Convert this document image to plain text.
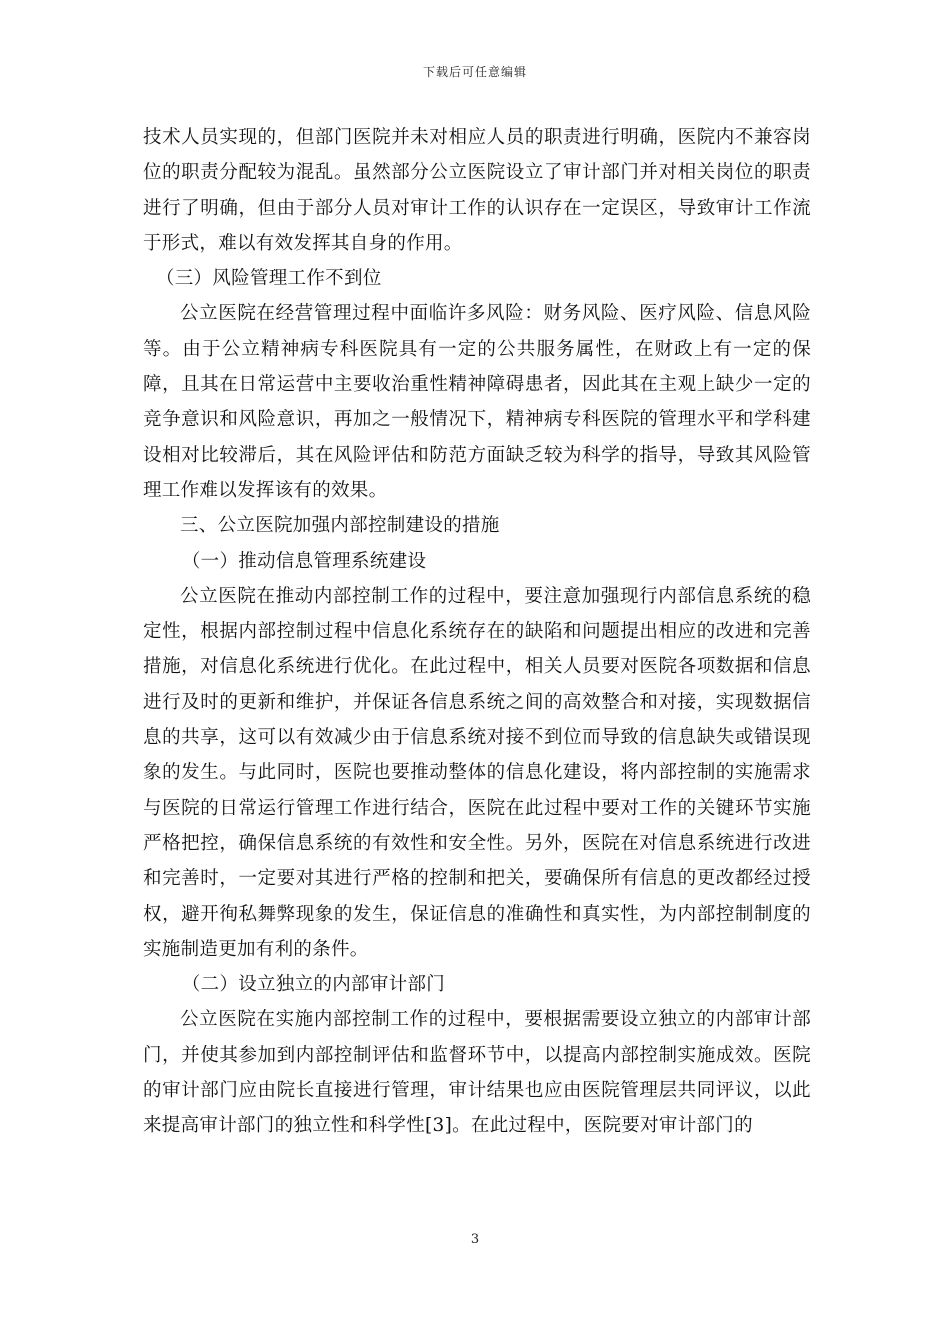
下载后可任意编辑

技术人员实现的，但部门医院并未对相应人员的职责进行明确，医院内不兼容岗位的职责分配较为混乱。虽然部分公立医院设立了审计部门并对相关岗位的职责进行了明确，但由于部分人员对审计工作的认识存在一定误区，导致审计工作流于形式，难以有效发挥其自身的作用。

（三）风险管理工作不到位

公立医院在经营管理过程中面临许多风险：财务风险、医疗风险、信息风险等。由于公立精神病专科医院具有一定的公共服务属性，在财政上有一定的保障，且其在日常运营中主要收治重性精神障碍患者，因此其在主观上缺少一定的竞争意识和风险意识，再加之一般情况下，精神病专科医院的管理水平和学科建设相对比较滞后，其在风险评估和防范方面缺乏较为科学的指导，导致其风险管理工作难以发挥该有的效果。

三、公立医院加强内部控制建设的措施

（一）推动信息管理系统建设

公立医院在推动内部控制工作的过程中，要注意加强现行内部信息系统的稳定性，根据内部控制过程中信息化系统存在的缺陷和问题提出相应的改进和完善措施，对信息化系统进行优化。在此过程中，相关人员要对医院各项数据和信息进行及时的更新和维护，并保证各信息系统之间的高效整合和对接，实现数据信息的共享，这可以有效减少由于信息系统对接不到位而导致的信息缺失或错误现象的发生。与此同时，医院也要推动整体的信息化建设，将内部控制的实施需求与医院的日常运行管理工作进行结合，医院在此过程中要对工作的关键环节实施严格把控，确保信息系统的有效性和安全性。另外，医院在对信息系统进行改进和完善时，一定要对其进行严格的控制和把关，要确保所有信息的更改都经过授权，避开徇私舞弊现象的发生，保证信息的准确性和真实性，为内部控制制度的实施制造更加有利的条件。

（二）设立独立的内部审计部门

公立医院在实施内部控制工作的过程中，要根据需要设立独立的内部审计部门，并使其参加到内部控制评估和监督环节中，以提高内部控制实施成效。医院的审计部门应由院长直接进行管理，审计结果也应由医院管理层共同评议，以此来提高审计部门的独立性和科学性[3]。在此过程中，医院要对审计部门的

3
